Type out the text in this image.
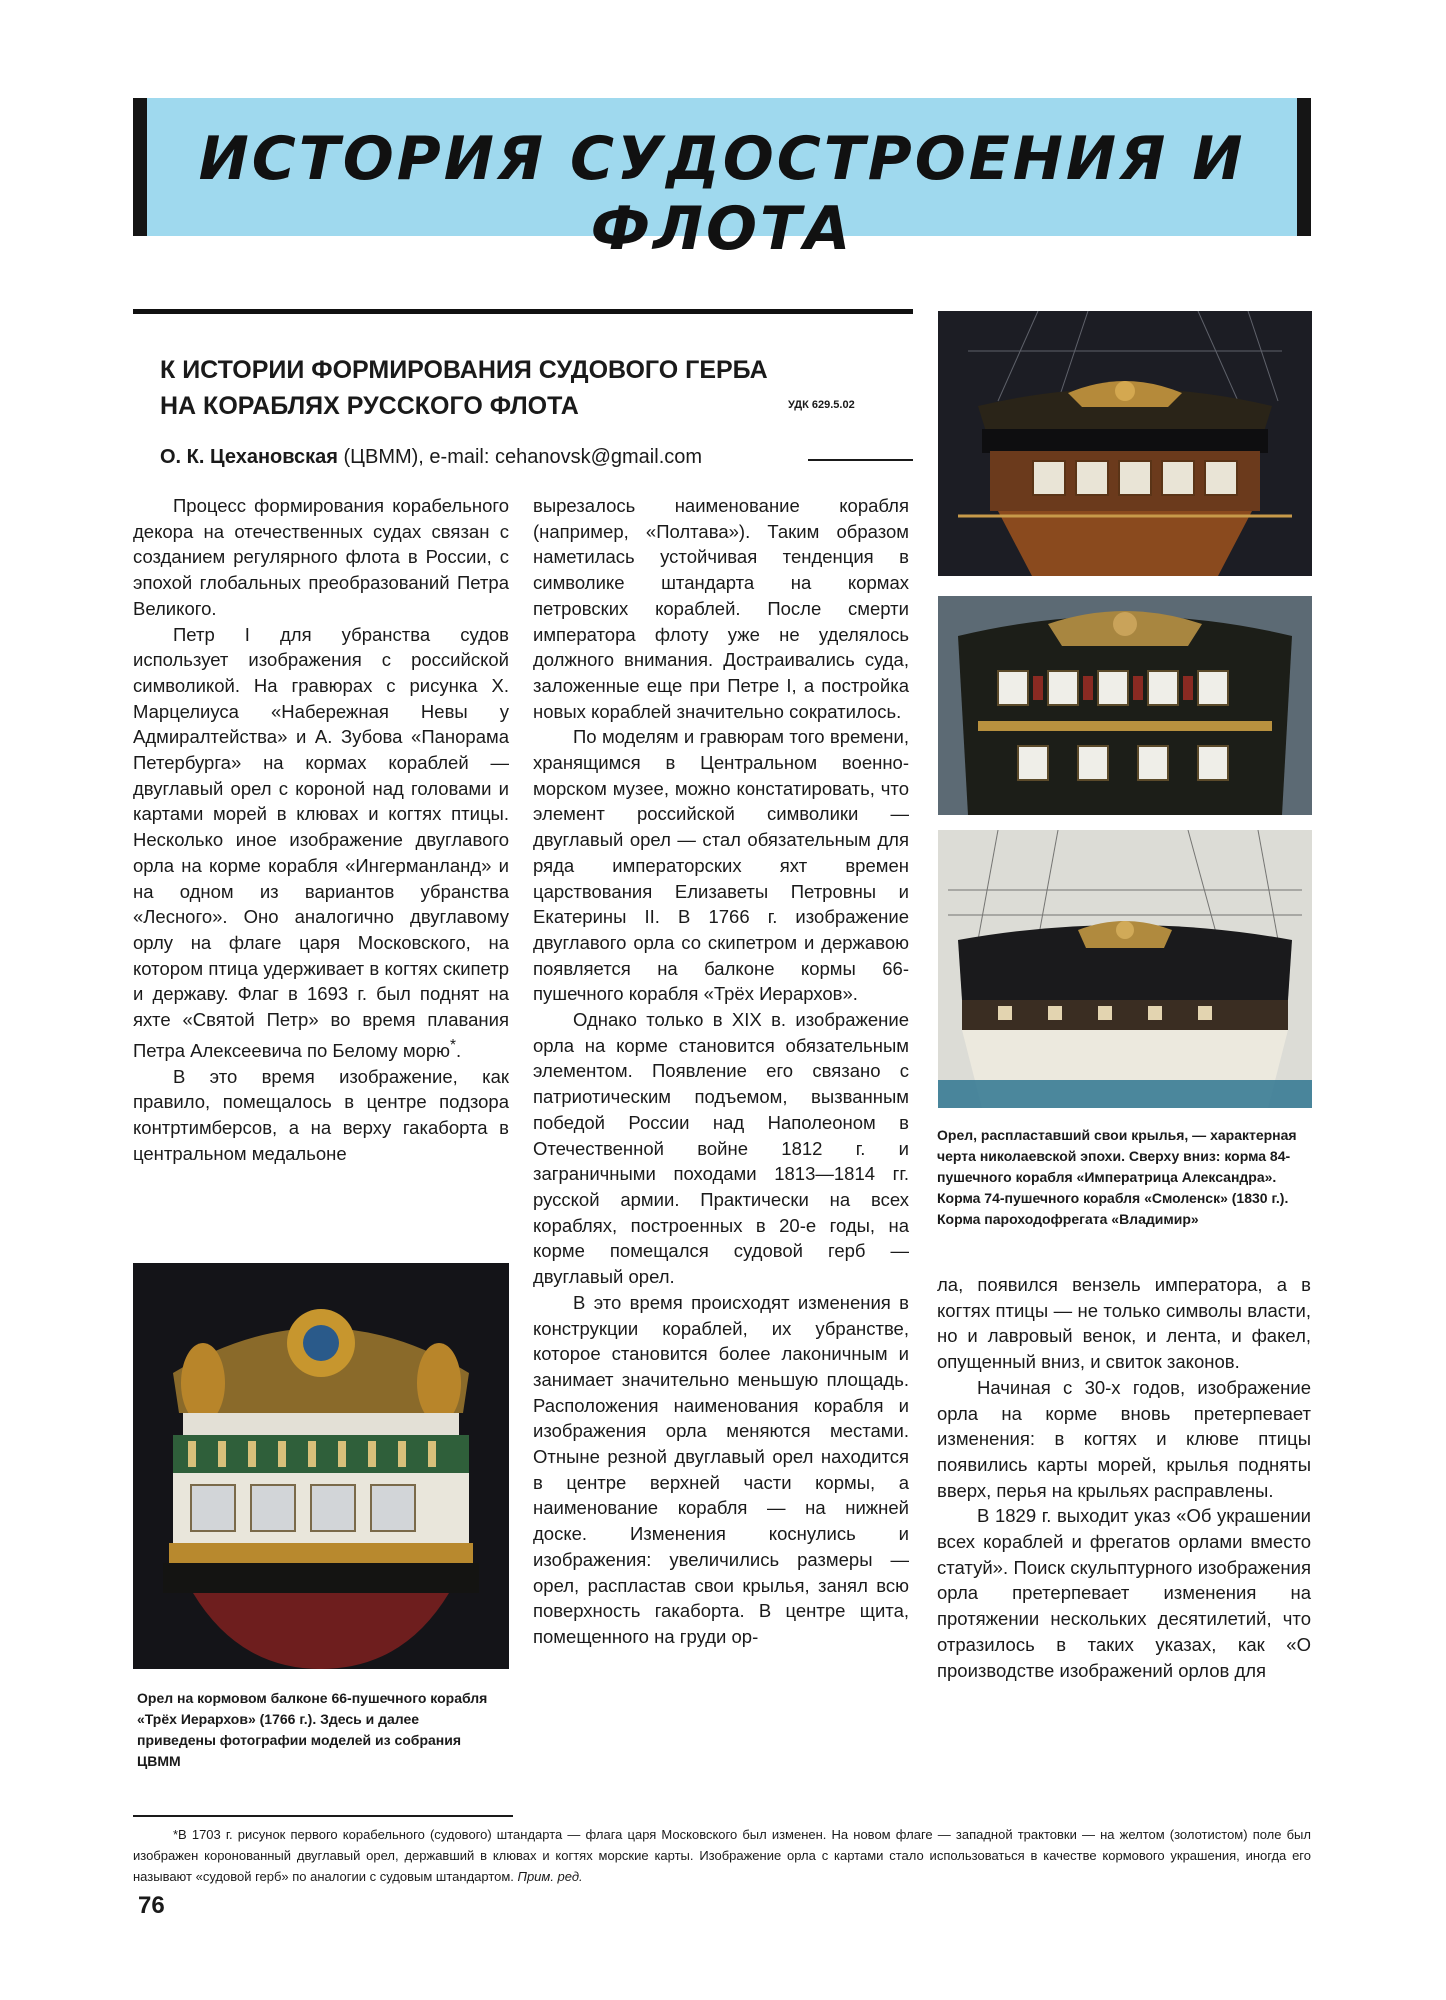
ИСТОРИЯ СУДОСТРОЕНИЯ И ФЛОТА
К ИСТОРИИ ФОРМИРОВАНИЯ СУДОВОГО ГЕРБА
НА КОРАБЛЯХ РУССКОГО ФЛОТА	УДК 629.5.02
О. К. Цехановская (ЦВММ), e-mail: cehanovsk@gmail.com

Процесс формирования корабельного декора на отечественных судах связан с созданием регулярного флота в России, с эпохой глобальных преобразований Петра Великого.

Петр I для убранства судов использует изображения с российской символикой. На гравюрах с рисунка Х. Марцелиуса «Набережная Невы у Адмиралтейства» и А. Зубова «Панорама Петербурга» на кормах кораблей — двуглавый орел с короной над головами и картами морей в клювах и когтях птицы. Несколько иное изображение двуглавого орла на корме корабля «Ингерманланд» и на одном из вариантов убранства «Лесного». Оно аналогично двуглавому орлу на флаге царя Московского, на котором птица удерживает в когтях скипетр и державу. Флаг в 1693 г. был поднят на яхте «Святой Петр» во время плавания Петра Алексеевича по Белому морю*.

В это время изображение, как правило, помещалось в центре подзора контртимберсов, а на верху гакаборта в центральном медальоне

вырезалось наименование корабля (например, «Полтава»). Таким образом наметилась устойчивая тенденция в символике штандарта на кормах петровских кораблей. После смерти императора флоту уже не уделялось должного внимания. Достраивались суда, заложенные еще при Петре I, а постройка новых кораблей значительно сократилось.

По моделям и гравюрам того времени, хранящимся в Центральном военно-морском музее, можно констатировать, что элемент российской символики — двуглавый орел — стал обязательным для ряда императорских яхт времен царствования Елизаветы Петровны и Екатерины II. В 1766 г. изображение двуглавого орла со скипетром и державою появляется на балконе кормы 66-пушечного корабля «Трёх Иерархов».

Однако только в XIX в. изображение орла на корме становится обязательным элементом. Появление его связано с патриотическим подъемом, вызванным победой России над Наполеоном в Отечественной войне 1812 г. и заграничными походами 1813—1814 гг. русской армии. Практически на всех кораблях, построенных в 20-е годы, на корме помещался судовой герб — двуглавый орел.

В это время происходят изменения в конструкции кораблей, их убранстве, которое становится более лаконичным и занимает значительно меньшую площадь. Расположения наименования корабля и изображения орла меняются местами. Отныне резной двуглавый орел находится в центре верхней части кормы, а наименование корабля — на нижней доске. Изменения коснулись и изображения: увеличились размеры — орел, распластав свои крылья, занял всю поверхность гакаборта. В центре щита, помещенного на груди ор-

Орел, распластавший свои крылья, — характерная черта николаевской эпохи. Сверху вниз: корма 84-пушечного корабля «Императрица Александра». Корма 74-пушечного корабля «Смоленск» (1830 г.). Корма пароходофрегата «Владимир»
Орел на кормовом балконе 66-пушечного корабля «Трёх Иерархов» (1766 г.). Здесь и далее приведены фотографии моделей из собрания ЦВММ

ла, появился вензель императора, а в когтях птицы — не только символы власти, но и лавровый венок, и лента, и факел, опущенный вниз, и свиток законов.

Начиная с 30-х годов, изображение орла на корме вновь претерпевает изменения: в когтях и клюве птицы появились карты морей, крылья подняты вверх, перья на крыльях расправлены.

В 1829 г. выходит указ «Об украшении всех кораблей и фрегатов орлами вместо статуй». Поиск скульптурного изображения орла претерпевает изменения на протяжении нескольких десятилетий, что отразилось в таких указах, как «О производстве изображений орлов для

*В 1703 г. рисунок первого корабельного (судового) штандарта — флага царя Московского был изменен. На новом флаге — западной трактовки — на желтом (золотистом) поле был изображен коронованный двуглавый орел, державший в клювах и когтях морские карты. Изображение орла с картами стало использоваться в качестве кормового украшения, иногда его называют «судовой герб» по аналогии с судовым штандартом. Прим. ред.

76
